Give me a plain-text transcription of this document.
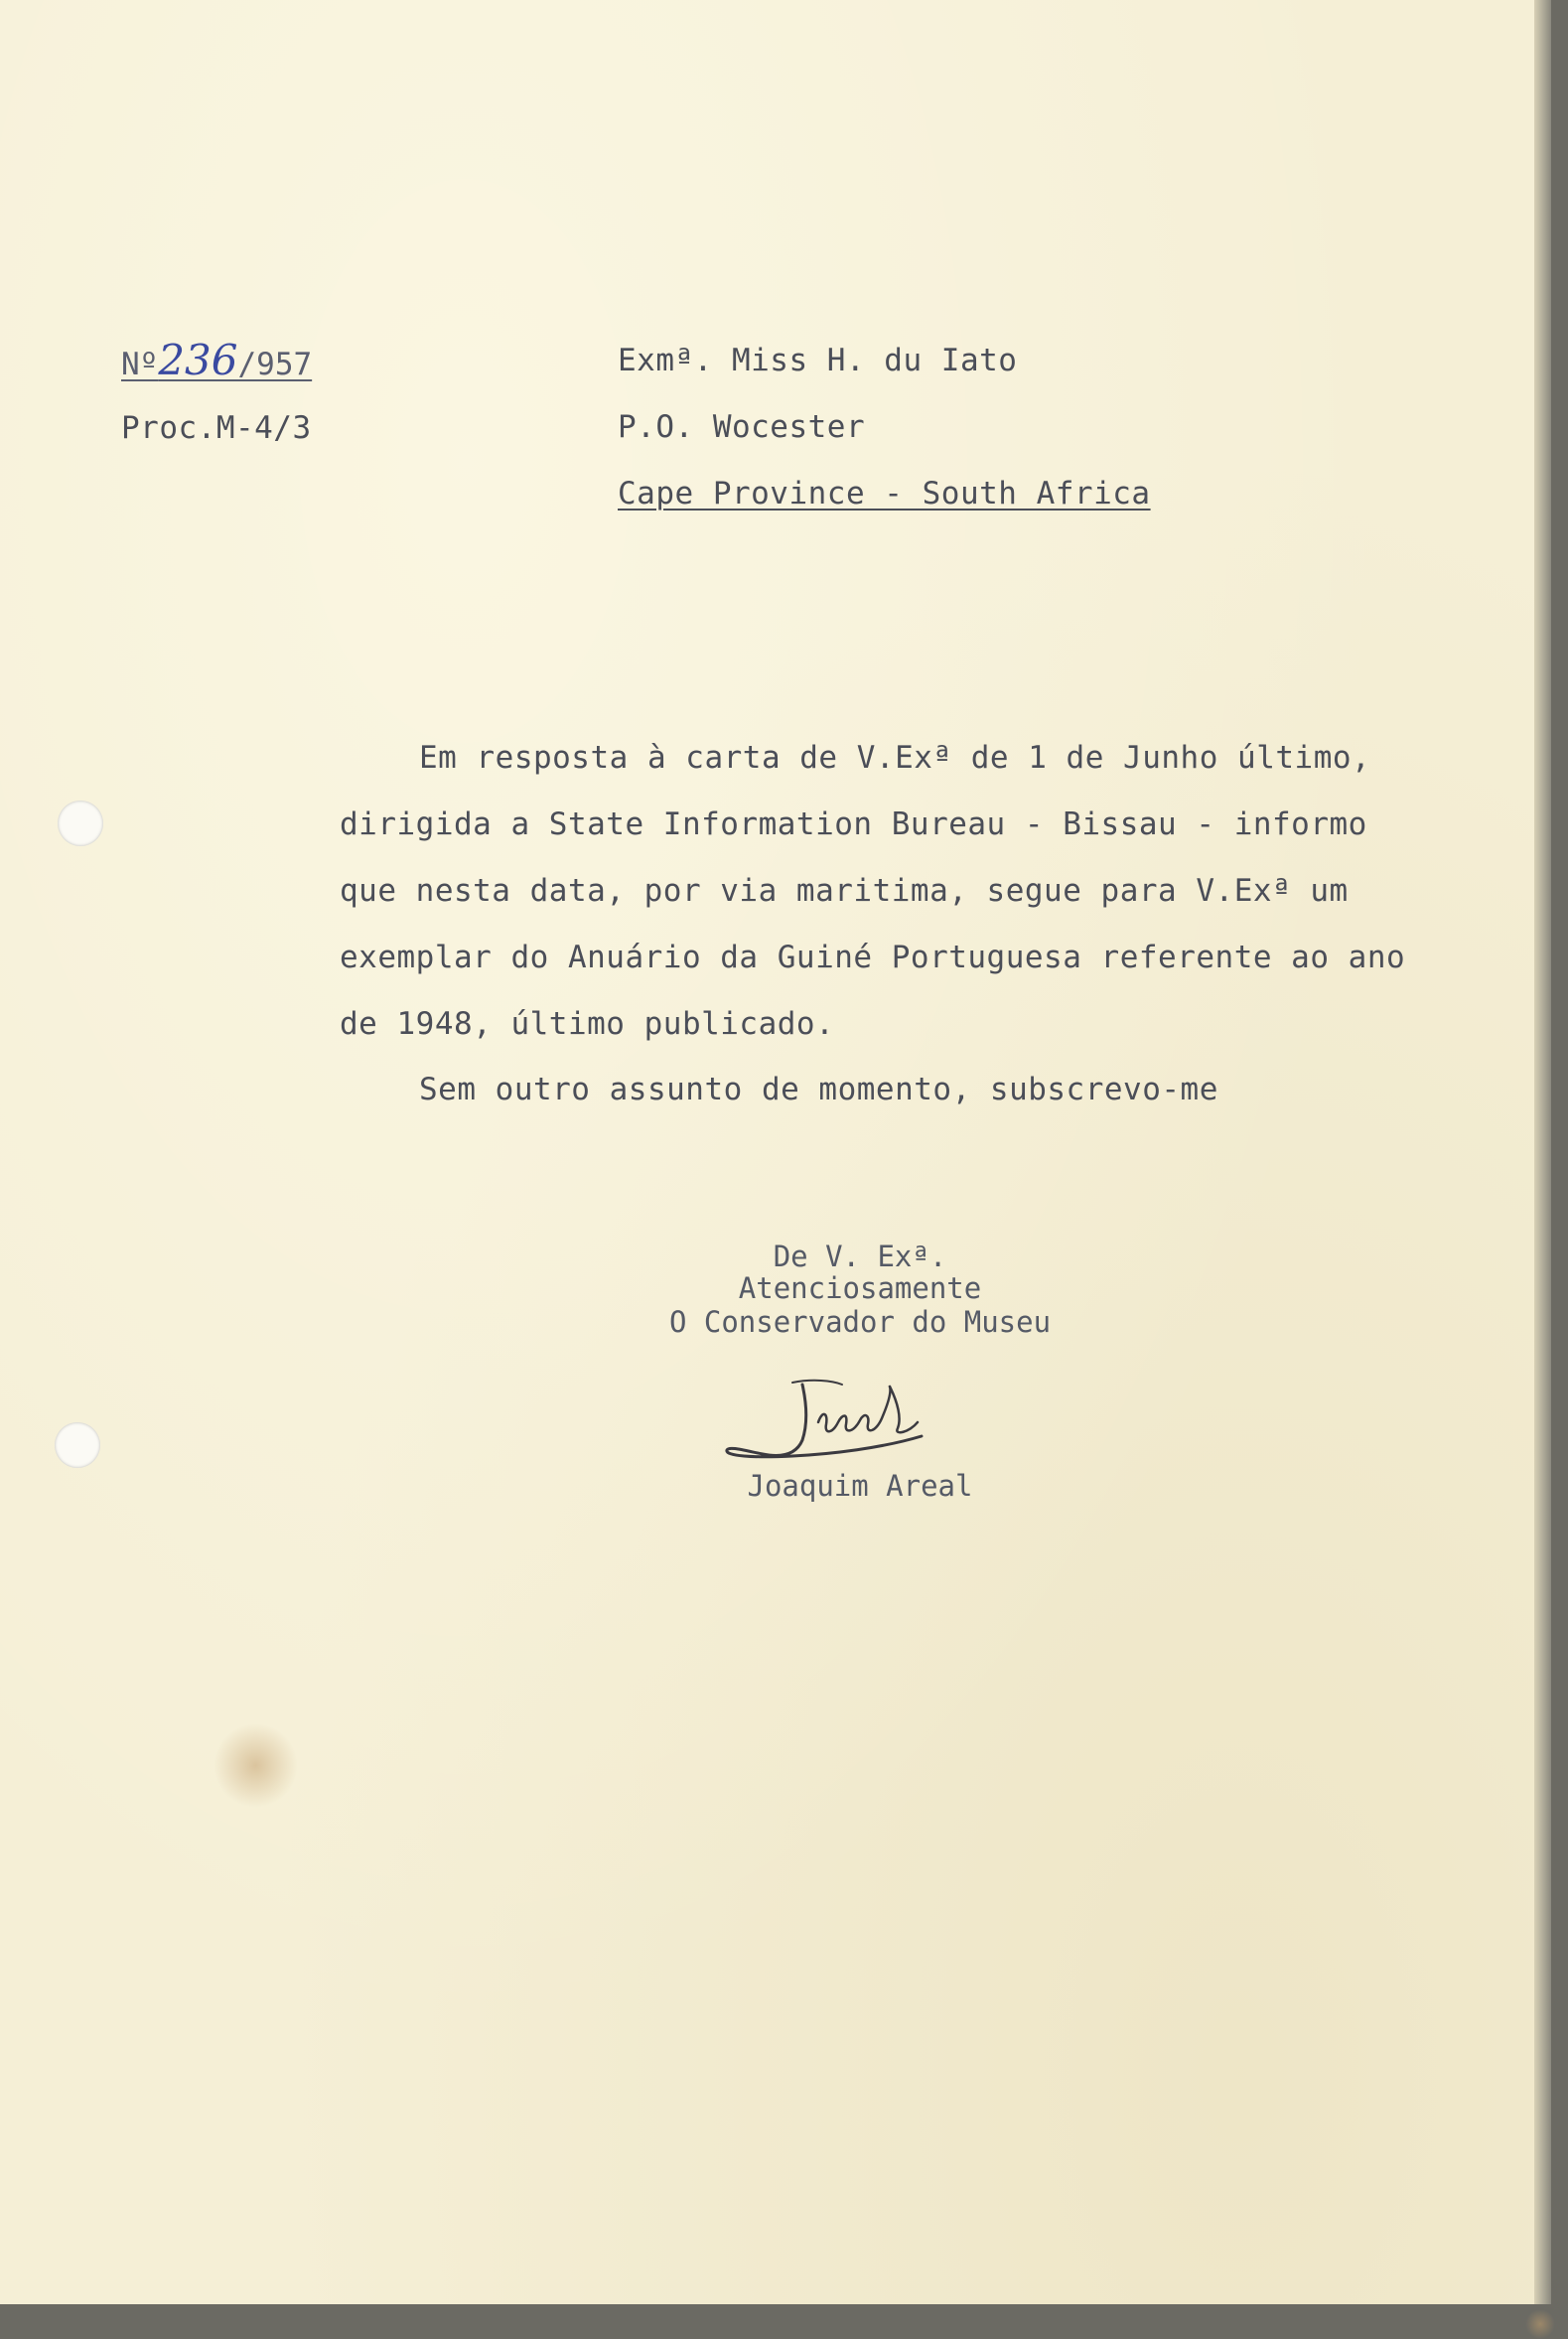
Nº236/957
Proc.M-4/3
Exmª. Miss H. du Iato
P.O. Wocester
Cape Province - South Africa
Em resposta à carta de V.Exª de 1 de Junho último,
dirigida a State Information Bureau - Bissau - informo
que nesta data, por via maritima, segue para V.Exª um
exemplar do Anuário da Guiné Portuguesa referente ao ano
de 1948, último publicado.
Sem outro assunto de momento, subscrevo-me
De V. Exª.
Atenciosamente
O Conservador do Museu
Joaquim Areal
